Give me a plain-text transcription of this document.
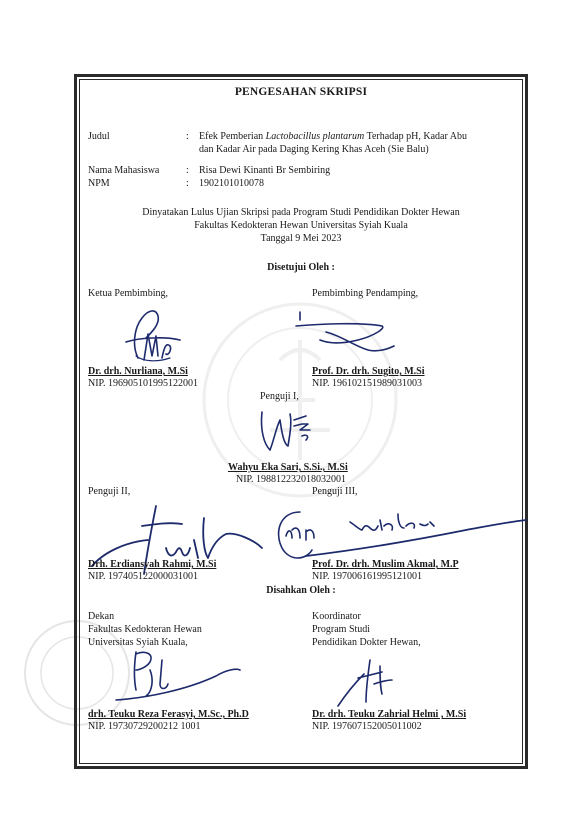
PENGESAHAN SKRIPSI
Judul	: Efek Pemberian Lactobacillus plantarum Terhadap pH, Kadar Abu
dan Kadar Air pada Daging Kering Khas Aceh (Sie Balu)
Nama Mahasiswa	: Risa Dewi Kinanti Br Sembiring
NPM	: 1902101010078
Dinyatakan Lulus Ujian Skripsi pada Program Studi Pendidikan Dokter Hewan
Fakultas Kedokteran Hewan Universitas Syiah Kuala
Tanggal 9 Mei 2023
Disetujui Oleh :
Ketua Pembimbing,
Dr. drh. Nurliana, M.Si
NIP. 196905101995122001
Pembimbing Pendamping,
Prof. Dr. drh. Sugito, M.Si
NIP. 196102151989031003
Penguji I,
Wahyu Eka Sari, S.Si., M.Si
NIP. 198812232018032001
Penguji II,
Drh. Erdiansyah Rahmi, M.Si
NIP. 197405122000031001
Penguji III,
Prof. Dr. drh. Muslim Akmal, M.P
NIP. 197006161995121001
Disahkan Oleh :
Dekan
Fakultas Kedokteran Hewan
Universitas Syiah Kuala,
drh. Teuku Reza Ferasyi, M.Sc., Ph.D
NIP. 19730729200212 1001
Koordinator
Program Studi
Pendidikan Dokter Hewan,
Dr. drh. Teuku Zahrial Helmi , M.Si
NIP. 197607152005011002
